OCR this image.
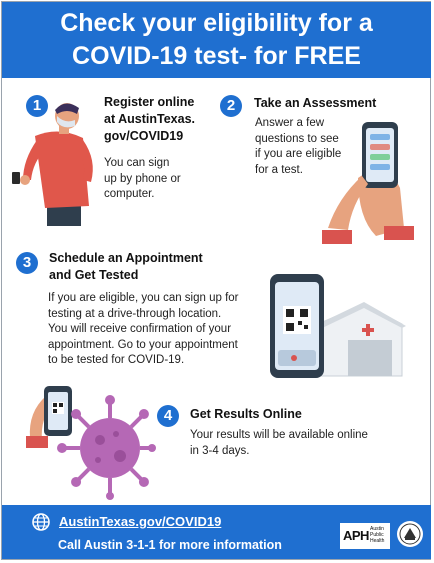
Check your eligibility for a
COVID-19 test- for FREE
1	Register online
at AustinTexas.
gov/COVID19
You can sign
up by phone or
computer.
2	Take an Assessment
Answer a few
questions to see
if you are eligible
for a test.
3	Schedule an Appointment
and Get Tested
If you are eligible, you can sign up for
testing at a drive-through location.
You will receive confirmation of your
appointment. Go to your appointment
to be tested for COVID-19.
4	Get Results Online
Your results will be available online
in 3-4 days.
AustinTexas.gov/COVID19
Call Austin 3-1-1 for more information
APH Austin
Public
Health
